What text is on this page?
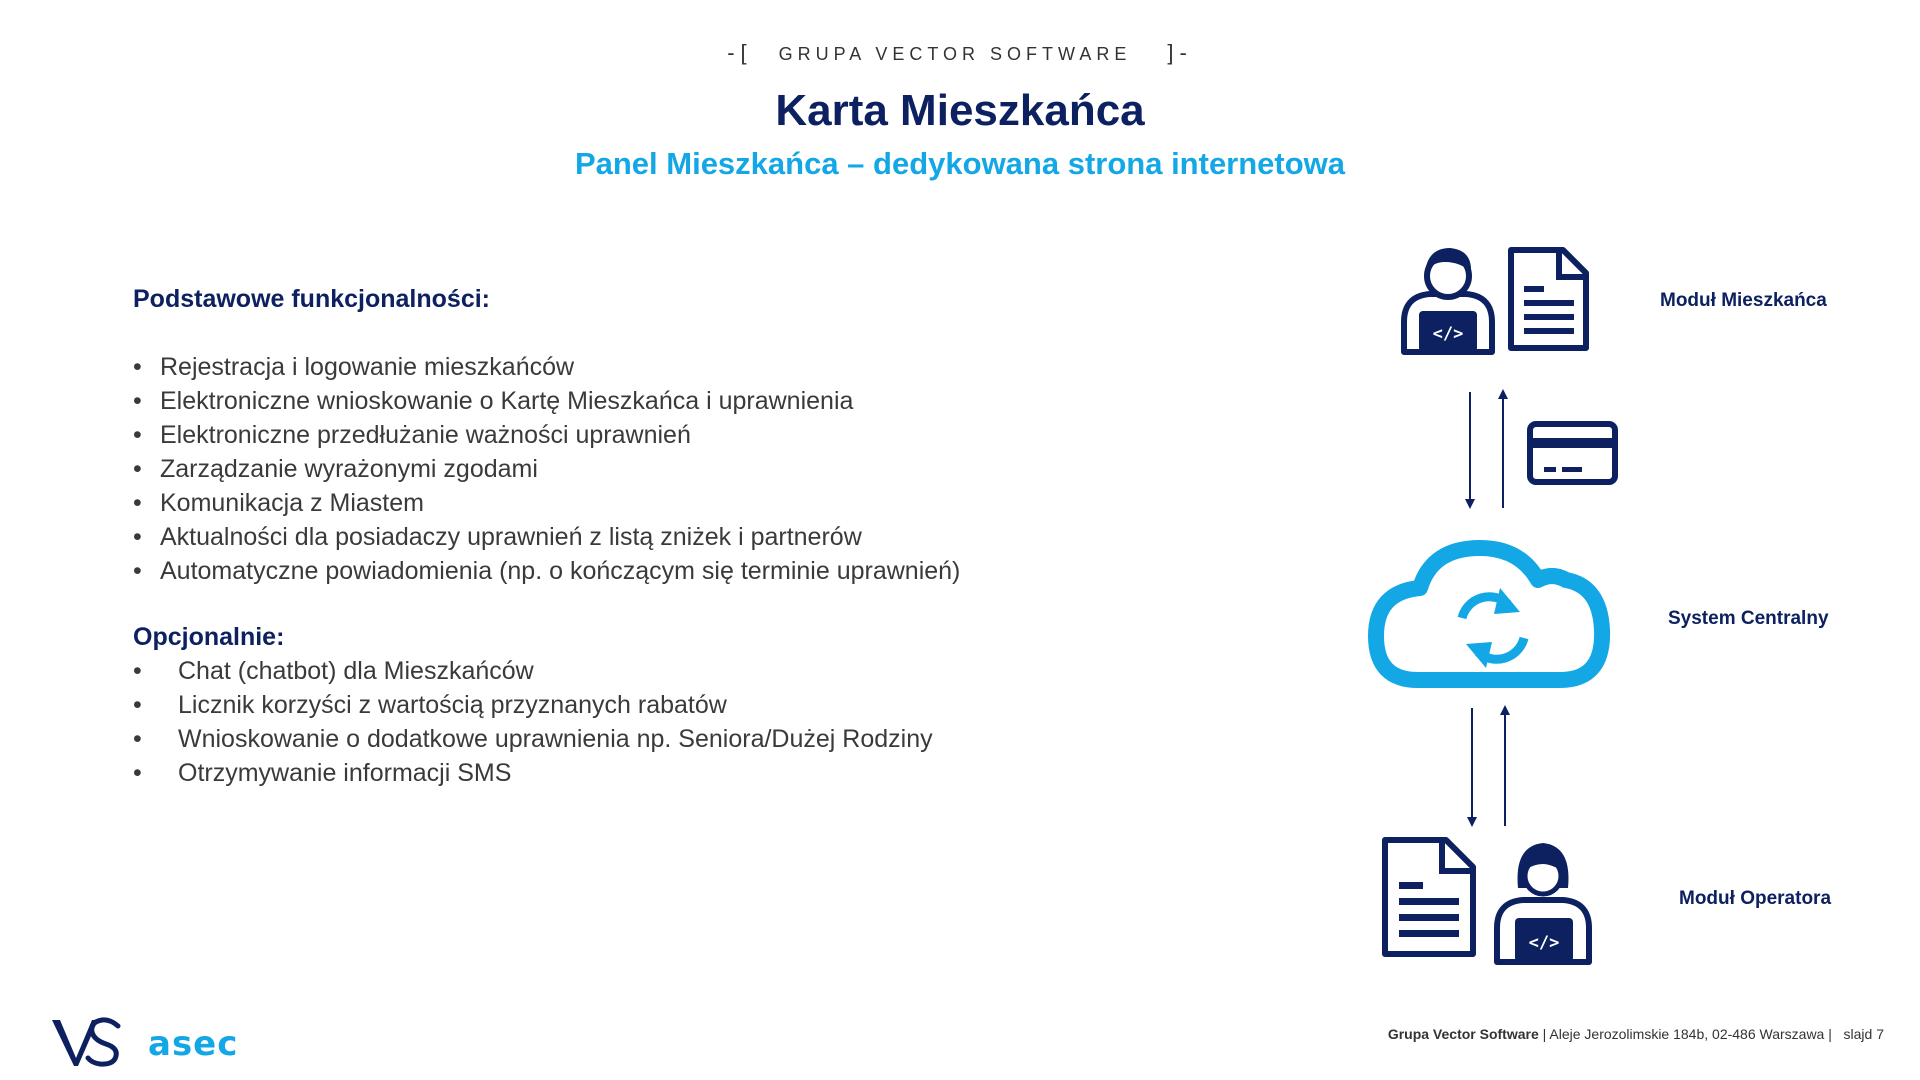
-[ GRUPA VECTOR SOFTWARE ]-
Karta Mieszkańca
Panel Mieszkańca – dedykowana strona internetowa
Podstawowe funkcjonalności:
• Rejestracja i logowanie mieszkańców
• Elektroniczne wnioskowanie o Kartę Mieszkańca i uprawnienia
• Elektroniczne przedłużanie ważności uprawnień
• Zarządzanie wyrażonymi zgodami
• Komunikacja z Miastem
• Aktualności dla posiadaczy uprawnień z listą zniżek i partnerów
• Automatyczne powiadomienia (np. o kończącym się terminie uprawnień)
Opcjonalnie:
• Chat (chatbot) dla Mieszkańców
• Licznik korzyści z wartością przyznanych rabatów
• Wnioskowanie o dodatkowe uprawnienia np. Seniora/Dużej Rodziny
• Otrzymywanie informacji SMS
</>
</>
Moduł Mieszkańca
System Centralny
Moduł Operatora
asec	Grupa Vector Software | Aleje Jerozolimskie 184b, 02-486 Warszawa |   slajd 7
